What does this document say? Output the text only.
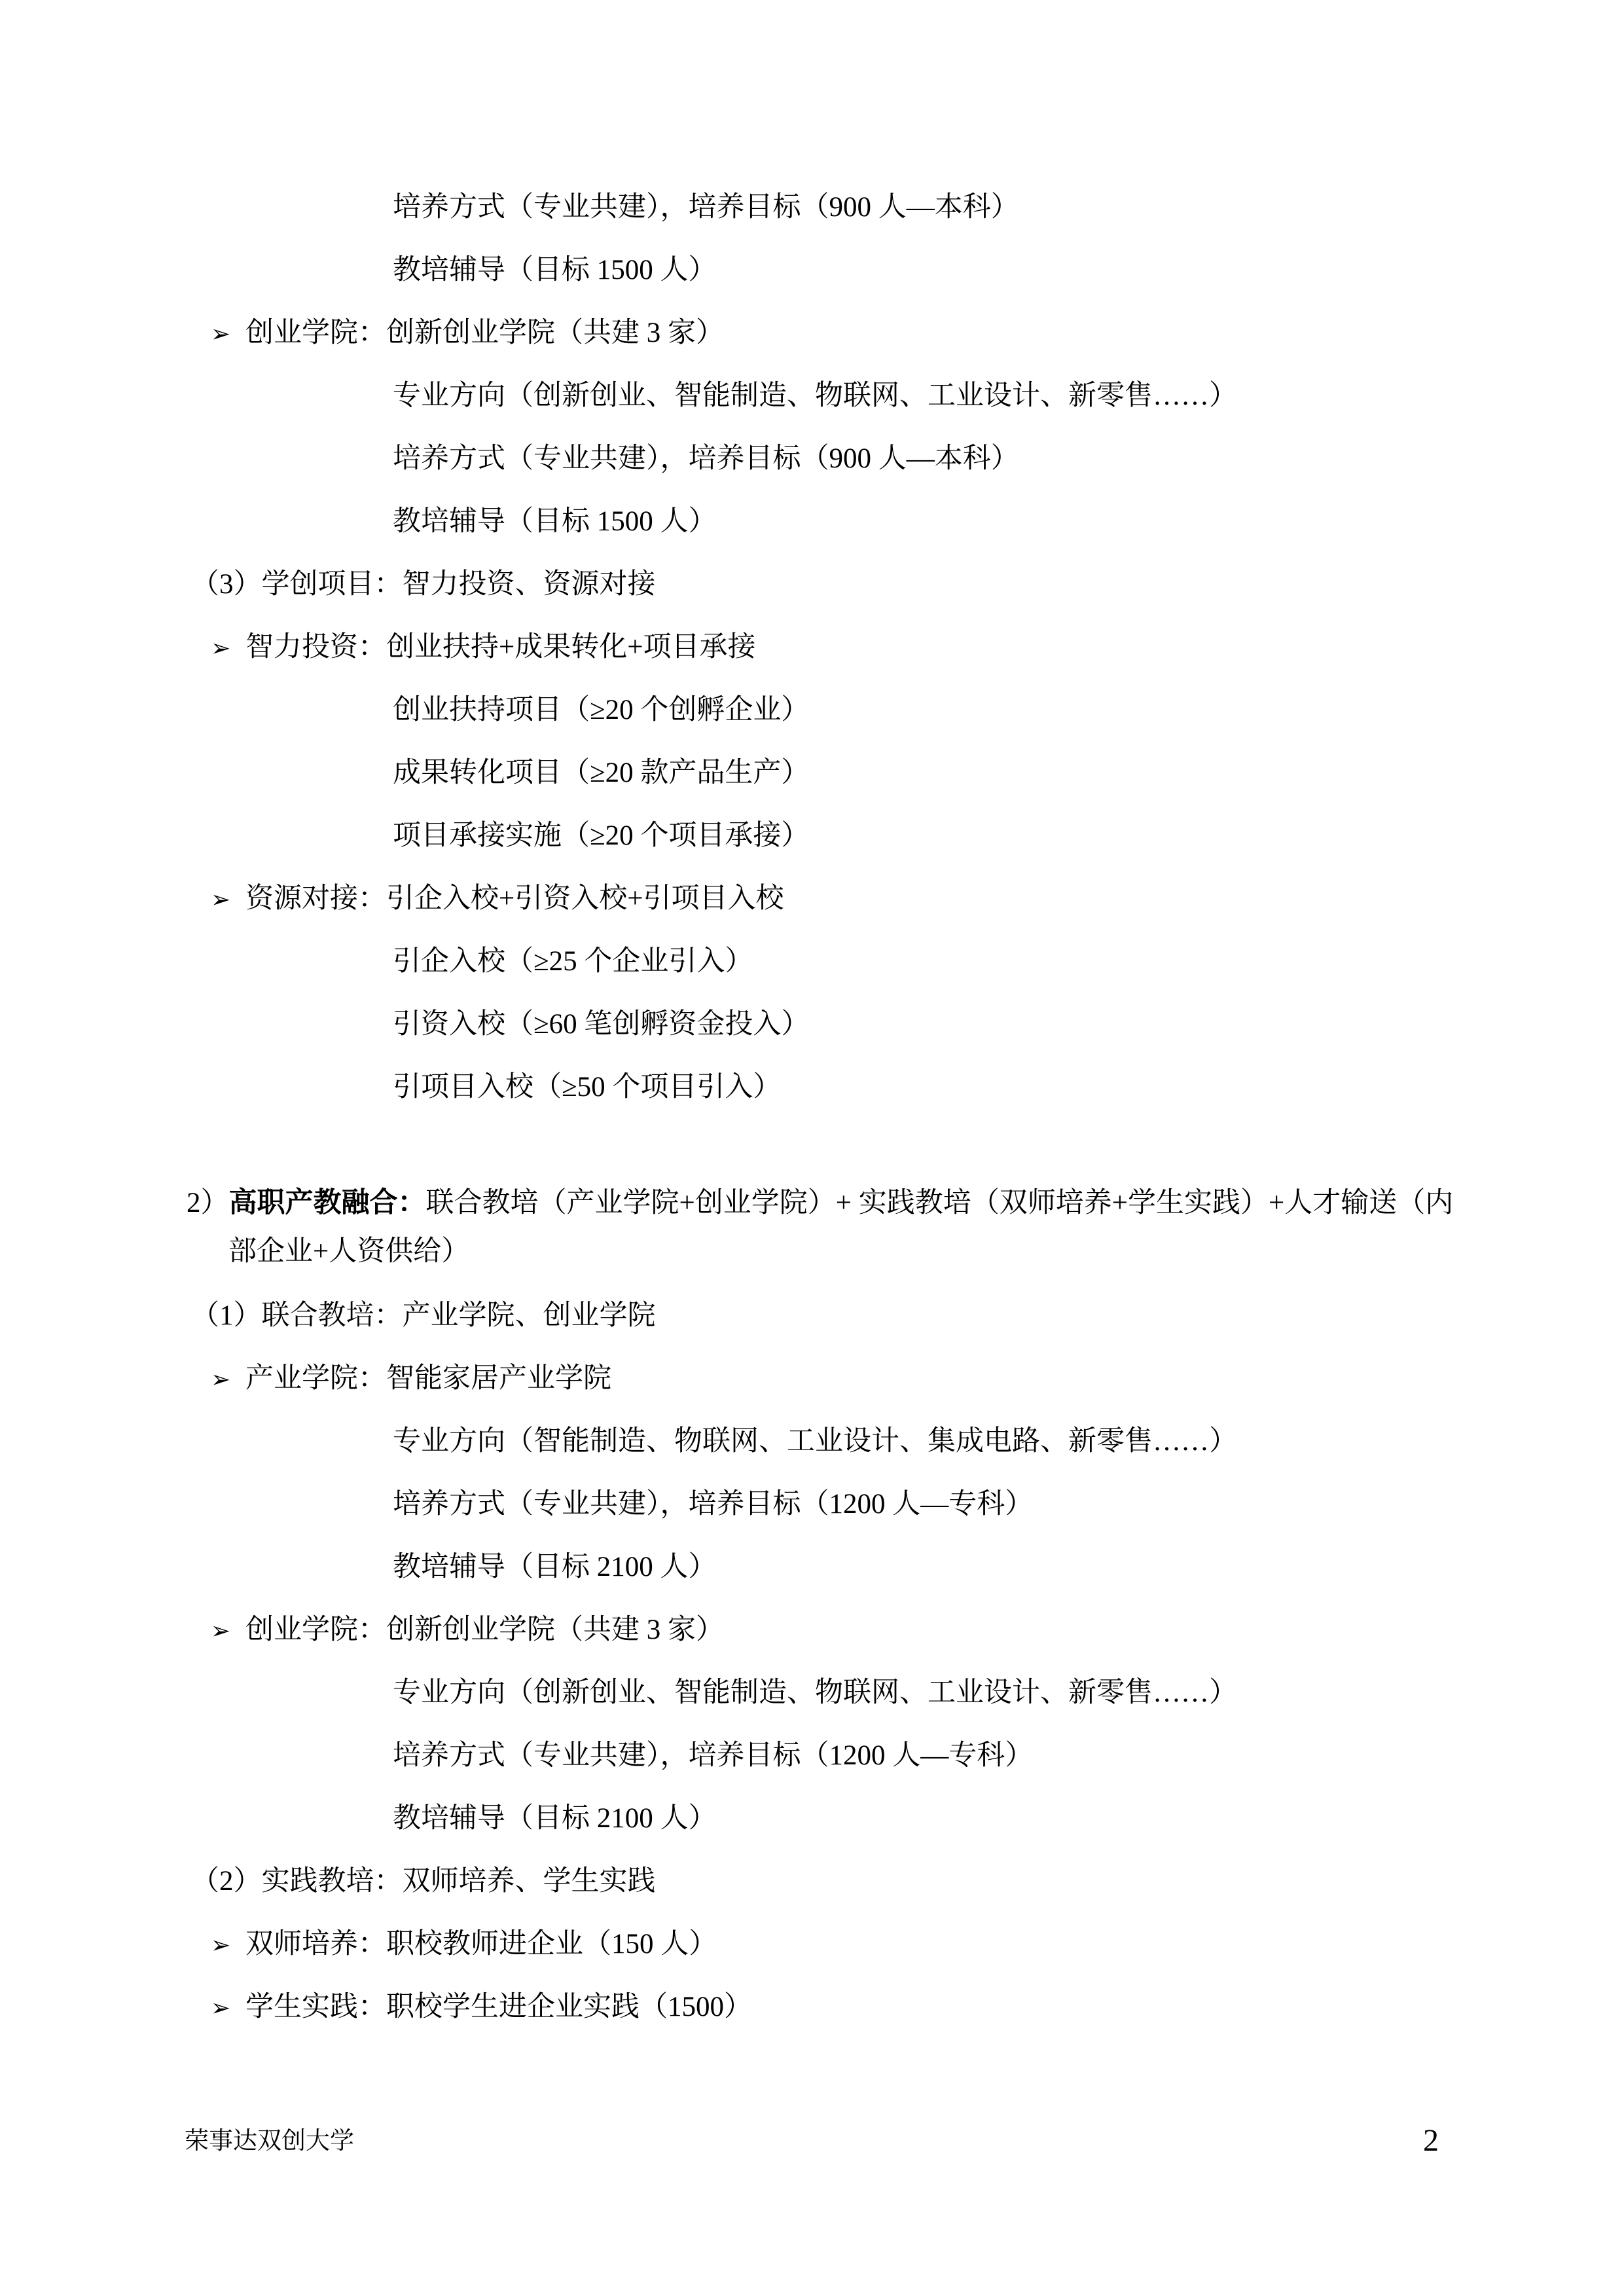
培养方式（专业共建），培养目标（900 人—本科）
教培辅导（目标 1500 人）
➢ 创业学院：创新创业学院（共建 3 家）
专业方向（创新创业、智能制造、物联网、工业设计、新零售……）
培养方式（专业共建），培养目标（900 人—本科）
教培辅导（目标 1500 人）
（3）学创项目：智力投资、资源对接
➢ 智力投资：创业扶持+成果转化+项目承接
创业扶持项目（≥20 个创孵企业）
成果转化项目（≥20 款产品生产）
项目承接实施（≥20 个项目承接）
➢ 资源对接：引企入校+引资入校+引项目入校
引企入校（≥25 个企业引入）
引资入校（≥60 笔创孵资金投入）
引项目入校（≥50 个项目引入）
2）高职产教融合：联合教培（产业学院+创业学院）+ 实践教培（双师培养+学生实践）+人才输送（内
部企业+人资供给）
（1）联合教培：产业学院、创业学院
➢ 产业学院：智能家居产业学院
专业方向（智能制造、物联网、工业设计、集成电路、新零售……）
培养方式（专业共建），培养目标（1200 人—专科）
教培辅导（目标 2100 人）
➢ 创业学院：创新创业学院（共建 3 家）
专业方向（创新创业、智能制造、物联网、工业设计、新零售……）
培养方式（专业共建），培养目标（1200 人—专科）
教培辅导（目标 2100 人）
（2）实践教培：双师培养、学生实践
➢ 双师培养：职校教师进企业（150 人）
➢ 学生实践：职校学生进企业实践（1500）
荣事达双创大学	2
